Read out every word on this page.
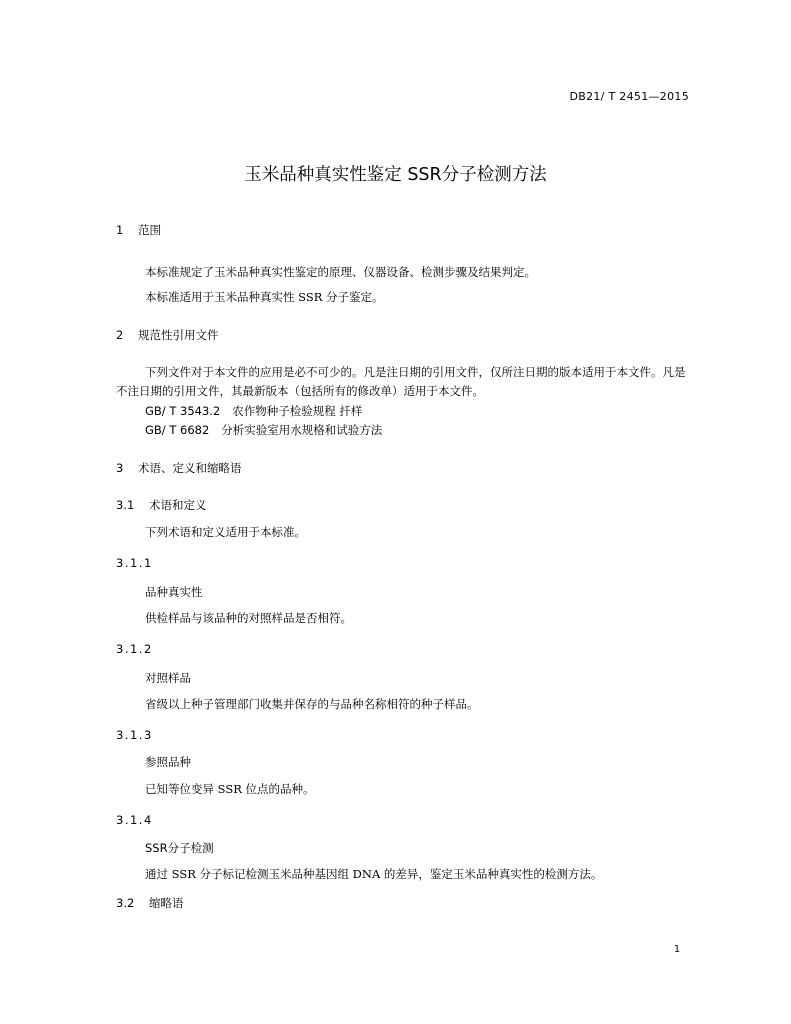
DB21/ T 2451—2015
玉米品种真实性鉴定 SSR分子检测方法
1 范围
本标准规定了玉米品种真实性鉴定的原理、仪器设备、检测步骤及结果判定。
本标准适用于玉米品种真实性 SSR 分子鉴定。
2 规范性引用文件
下列文件对于本文件的应用是必不可少的。凡是注日期的引用文件，仅所注日期的版本适用于本文件。凡是不注日期的引用文件，其最新版本（包括所有的修改单）适用于本文件。
GB/ T 3543.2 农作物种子检验规程 扦样
GB/ T 6682 分析实验室用水规格和试验方法
3 术语、定义和缩略语
3.1 术语和定义
下列术语和定义适用于本标准。
3.1.1
品种真实性
供检样品与该品种的对照样品是否相符。
3.1.2
对照样品
省级以上种子管理部门收集并保存的与品种名称相符的种子样品。
3.1.3
参照品种
已知等位变异 SSR 位点的品种。
3.1.4
SSR分子检测
通过 SSR 分子标记检测玉米品种基因组 DNA 的差异，鉴定玉米品种真实性的检测方法。
3.2 缩略语
1
